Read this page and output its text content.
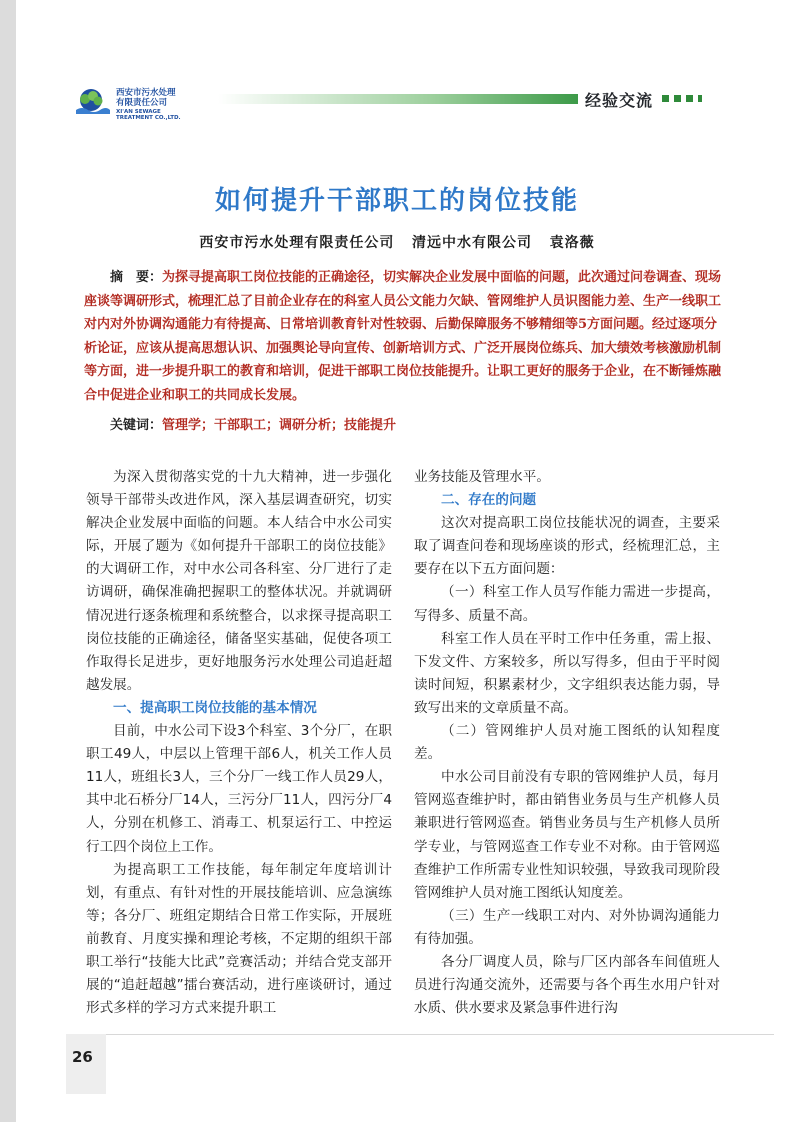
西安市污水处理
有限责任公司
XI'AN SEWAGE
TREATMENT CO.,LTD.
经验交流
如何提升干部职工的岗位技能
西安市污水处理有限责任公司   清远中水有限公司   袁洛薇
摘　要：为探寻提高职工岗位技能的正确途径，切实解决企业发展中面临的问题，此次通过问卷调查、现场座谈等调研形式，梳理汇总了目前企业存在的科室人员公文能力欠缺、管网维护人员识图能力差、生产一线职工对内对外协调沟通能力有待提高、日常培训教育针对性较弱、后勤保障服务不够精细等5方面问题。经过逐项分析论证，应该从提高思想认识、加强舆论导向宣传、创新培训方式、广泛开展岗位练兵、加大绩效考核激励机制等方面，进一步提升职工的教育和培训，促进干部职工岗位技能提升。让职工更好的服务于企业，在不断锤炼融合中促进企业和职工的共同成长发展。
关键词：管理学；干部职工；调研分析；技能提升

为深入贯彻落实党的十九大精神，进一步强化领导干部带头改进作风，深入基层调查研究，切实解决企业发展中面临的问题。本人结合中水公司实际，开展了题为《如何提升干部职工的岗位技能》的大调研工作，对中水公司各科室、分厂进行了走访调研，确保准确把握职工的整体状况。并就调研情况进行逐条梳理和系统整合，以求探寻提高职工岗位技能的正确途径，储备坚实基础，促使各项工作取得长足进步，更好地服务污水处理公司追赶超越发展。

一、提高职工岗位技能的基本情况

目前，中水公司下设3个科室、3个分厂，在职职工49人，中层以上管理干部6人，机关工作人员11人，班组长3人，三个分厂一线工作人员29人，其中北石桥分厂14人，三污分厂11人，四污分厂4人，分别在机修工、消毒工、机泵运行工、中控运行工四个岗位上工作。

为提高职工工作技能，每年制定年度培训计划，有重点、有针对性的开展技能培训、应急演练等；各分厂、班组定期结合日常工作实际，开展班前教育、月度实操和理论考核，不定期的组织干部职工举行“技能大比武”竞赛活动；并结合党支部开展的“追赶超越”擂台赛活动，进行座谈研讨，通过形式多样的学习方式来提升职工

业务技能及管理水平。

二、存在的问题

这次对提高职工岗位技能状况的调查，主要采取了调查问卷和现场座谈的形式，经梳理汇总，主要存在以下五方面问题：

（一）科室工作人员写作能力需进一步提高，写得多、质量不高。

科室工作人员在平时工作中任务重，需上报、下发文件、方案较多，所以写得多，但由于平时阅读时间短，积累素材少，文字组织表达能力弱，导致写出来的文章质量不高。

（二）管网维护人员对施工图纸的认知程度差。

中水公司目前没有专职的管网维护人员，每月管网巡查维护时，都由销售业务员与生产机修人员兼职进行管网巡查。销售业务员与生产机修人员所学专业，与管网巡查工作专业不对称。由于管网巡查维护工作所需专业性知识较强，导致我司现阶段管网维护人员对施工图纸认知度差。

（三）生产一线职工对内、对外协调沟通能力有待加强。

各分厂调度人员，除与厂区内部各车间值班人员进行沟通交流外，还需要与各个再生水用户针对水质、供水要求及紧急事件进行沟

26
